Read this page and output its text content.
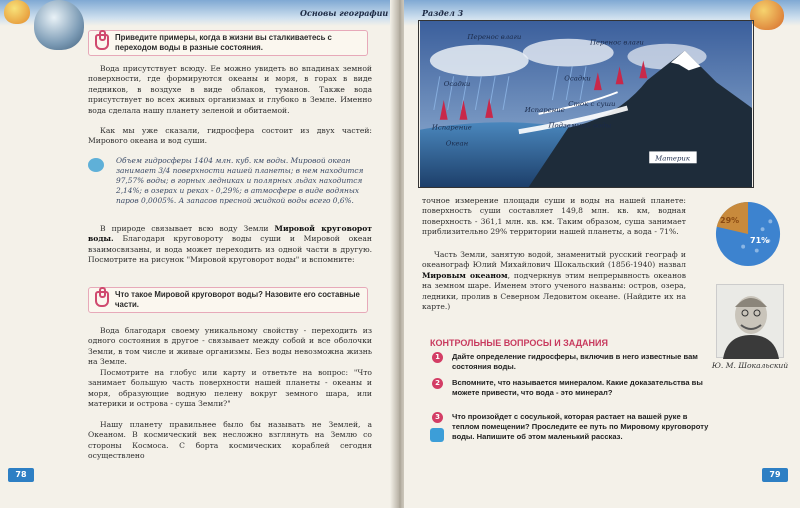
Основы географии
Приведите примеры, когда в жизни вы сталкиваетесь с переходом воды в разные состояния.
Вода присутствует всюду. Ее можно увидеть во впадинах земной поверхности, где формируются океаны и моря, в горах в виде ледников, в воздухе в виде облаков, туманов. Также вода присутствует во всех живых организмах и глубоко в Земле. Именно вода сделала нашу планету зеленой и обитаемой.
Как мы уже сказали, гидросфера состоит из двух частей: Мирового океана и вод суши.
Объем гидросферы 1404 млн. куб. км воды. Мировой океан занимает 3/4 поверхности нашей планеты; в нем находится 97,57% воды; в горных ледниках и полярных льдах находится 2,14%; в озерах и реках - 0,29%; в атмосфере в виде водяных паров 0,0005%. А запасов пресной жидкой воды всего 0,6%.
В природе связывает всю воду Земли Мировой круговорот воды. Благодаря круговороту воды суши и Мировой океан взаимосвязаны, и вода может переходить из одной части в другую. Посмотрите на рисунок "Мировой круговорот воды" и вспомните:
Что такое Мировой круговорот воды? Назовите его составные части.
Вода благодаря своему уникальному свойству - переходить из одного состояния в другое - связывает между собой и все оболочки Земли, в том числе и живые организмы. Без воды невозможна жизнь на Земле.
Посмотрите на глобус или карту и ответьте на вопрос: "Что занимает большую часть поверхности нашей планеты - океаны и моря, образующие водную пелену вокруг земного шара, или материки и острова - суша Земли?"
Нашу планету правильнее было бы называть не Землей, а Океаном. В космический век несложно взглянуть на Землю со стороны Космоса. С борта космических кораблей сегодня осуществлено
78
Раздел 3
Перенос влаги
Перенос влаги
Осадки
Осадки
Испарение
Испарение
Сток с суши
Подземные воды
Океан
Материк
точное измерение площади суши и воды на нашей планете: поверхность суши составляет 149,8 млн. кв. км, водная поверхность - 361,1 млн. кв. км. Таким образом, суша занимает приблизительно 29% территории нашей планеты, а вода - 71%.
Часть Земли, занятую водой, знаменитый русский географ и океанограф Юлий Михайлович Шокальский (1856-1940) назвал Мировым океаном, подчеркнув этим непрерывность океанов на земном шаре. Именем этого ученого названы: остров, озера, ледники, пролив в Северном Ледовитом океане. (Найдите их на карте.)
29%
71%
Ю. М. Шокальский
КОНТРОЛЬНЫЕ ВОПРОСЫ И ЗАДАНИЯ
1	Дайте определение гидросферы, включив в него известные вам состояния воды.
2	Вспомните, что называется минералом. Какие доказательства вы можете привести, что вода - это минерал?
3	Что произойдет с сосулькой, которая растает на вашей руке в теплом помещении? Проследите ее путь по Мировому круговороту воды. Напишите об этом маленький рассказ.
79
